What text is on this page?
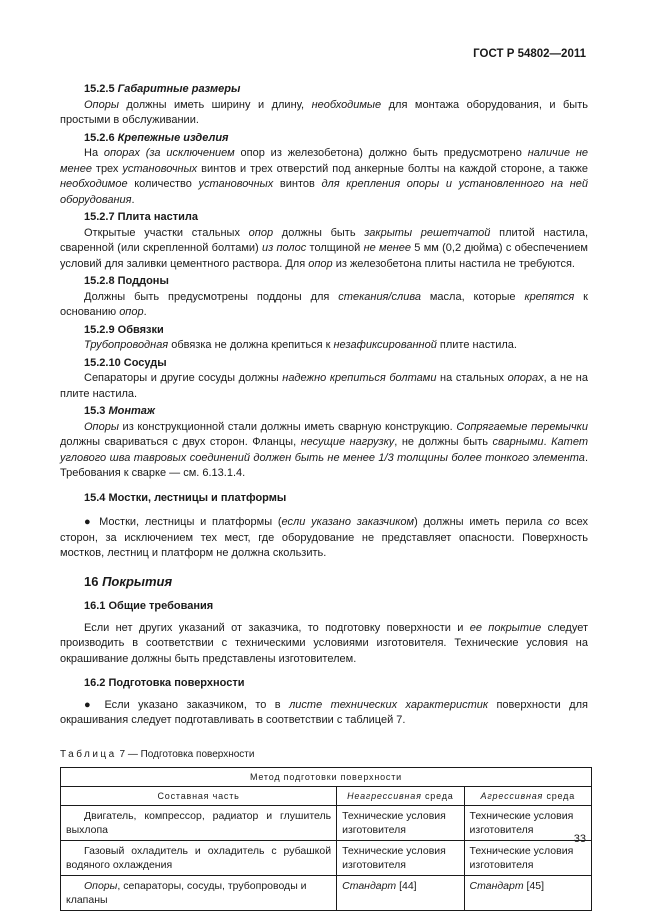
ГОСТ Р 54802—2011

15.2.5 Габаритные размеры

Опоры должны иметь ширину и длину, необходимые для монтажа оборудования, и быть простыми в обслуживании.

15.2.6 Крепежные изделия

На опорах (за исключением опор из железобетона) должно быть предусмотрено наличие не менее трех установочных винтов и трех отверстий под анкерные болты на каждой стороне, а также необходимое количество установочных винтов для крепления опоры и установленного на ней оборудования.

15.2.7 Плита настила

Открытые участки стальных опор должны быть закрыты решетчатой плитой настила, сваренной (или скрепленной болтами) из полос толщиной не менее 5 мм (0,2 дюйма) с обеспечением условий для заливки цементного раствора. Для опор из железобетона плиты настила не требуются.

15.2.8 Поддоны

Должны быть предусмотрены поддоны для стекания/слива масла, которые крепятся к основанию опор.

15.2.9 Обвязки

Трубопроводная обвязка не должна крепиться к незафиксированной плите настила.

15.2.10 Сосуды

Сепараторы и другие сосуды должны надежно крепиться болтами на стальных опорах, а не на плите настила.

15.3 Монтаж

Опоры из конструкционной стали должны иметь сварную конструкцию. Сопрягаемые перемычки должны свариваться с двух сторон. Фланцы, несущие нагрузку, не должны быть сварными. Катет углового шва тавровых соединений должен быть не менее 1/3 толщины более тонкого элемента. Требования к сварке — см. 6.13.1.4.

15.4 Мостки, лестницы и платформы

● Мостки, лестницы и платформы (если указано заказчиком) должны иметь перила со всех сторон, за исключением тех мест, где оборудование не представляет опасности. Поверхность мостков, лестниц и платформ не должна скользить.

16 Покрытия

16.1 Общие требования

Если нет других указаний от заказчика, то подготовку поверхности и ее покрытие следует производить в соответствии с техническими условиями изготовителя. Технические условия на окрашивание должны быть представлены изготовителем.

16.2 Подготовка поверхности

● Если указано заказчиком, то в листе технических характеристик поверхности для окрашивания следует подготавливать в соответствии с таблицей 7.

Таблица 7 — Подготовка поверхности

Метод подготовки поверхности		
Составная часть	Неагрессивная среда	Агрессивная среда
Двигатель, компрессор, радиатор и глушитель выхлопа	Технические условия изготовителя	Технические условия изготовителя
Газовый охладитель и охладитель с рубашкой водяного охлаждения	Технические условия изготовителя	Технические условия изготовителя
Опоры, сепараторы, сосуды, трубопроводы и клапаны	Стандарт [44]	Стандарт [45]
33
